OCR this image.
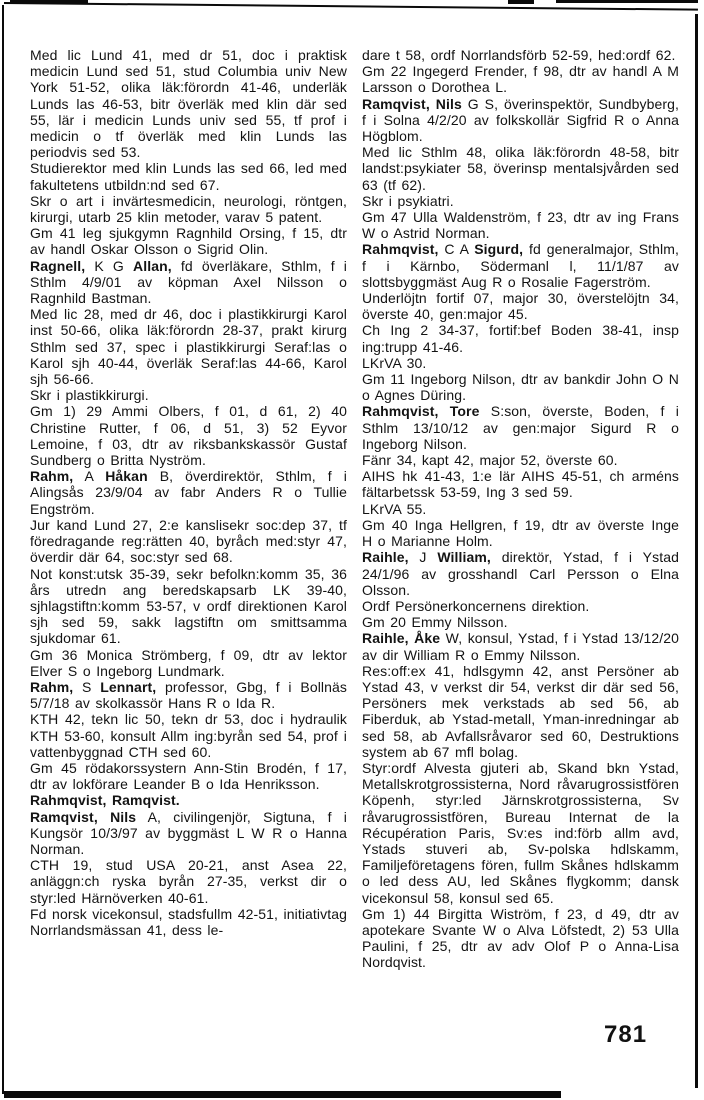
Med lic Lund 41, med dr 51, doc i praktisk medicin Lund sed 51, stud Columbia univ New York 51-52, olika läk:förordn 41-46, underläk Lunds las 46-53, bitr överläk med klin där sed 55, lär i medicin Lunds univ sed 55, tf prof i medicin o tf överläk med klin Lunds las periodvis sed 53.

Studierektor med klin Lunds las sed 66, led med fakultetens utbildn:nd sed 67.

Skr o art i invärtesmedicin, neurologi, röntgen, kirurgi, utarb 25 klin metoder, varav 5 patent.

Gm 41 leg sjukgymn Ragnhild Orsing, f 15, dtr av handl Oskar Olsson o Sigrid Olin.

Ragnell, K G Allan, fd överläkare, Sthlm, f i Sthlm 4/9/01 av köpman Axel Nilsson o Ragnhild Bastman.

Med lic 28, med dr 46, doc i plastikkirurgi Karol inst 50-66, olika läk:förordn 28-37, prakt kirurg Sthlm sed 37, spec i plastikkirurgi Seraf:las o Karol sjh 40-44, överläk Seraf:las 44-66, Karol sjh 56-66.

Skr i plastikkirurgi.

Gm 1) 29 Ammi Olbers, f 01, d 61, 2) 40 Christine Rutter, f 06, d 51, 3) 52 Eyvor Lemoine, f 03, dtr av riksbankskassör Gustaf Sundberg o Britta Nyström.

Rahm, A Håkan B, överdirektör, Sthlm, f i Alingsås 23/9/04 av fabr Anders R o Tullie Engström.

Jur kand Lund 27, 2:e kanslisekr soc:dep 37, tf föredragande reg:rätten 40, byråch med:styr 47, överdir där 64, soc:styr sed 68.

Not konst:utsk 35-39, sekr befolkn:komm 35, 36 års utredn ang beredskapsarb LK 39-40, sjhlagstiftn:komm 53-57, v ordf direktionen Karol sjh sed 59, sakk lagstiftn om smittsamma sjukdomar 61.

Gm 36 Monica Strömberg, f 09, dtr av lektor Elver S o Ingeborg Lundmark.

Rahm, S Lennart, professor, Gbg, f i Bollnäs 5/7/18 av skolkassör Hans R o Ida R.

KTH 42, tekn lic 50, tekn dr 53, doc i hydraulik KTH 53-60, konsult Allm ing:byrån sed 54, prof i vattenbyggnad CTH sed 60.

Gm 45 rödakorssystern Ann-Stin Brodén, f 17, dtr av lokförare Leander B o Ida Henriksson.

Rahmqvist, Ramqvist.

Ramqvist, Nils A, civilingenjör, Sigtuna, f i Kungsör 10/3/97 av byggmäst L W R o Hanna Norman.

CTH 19, stud USA 20-21, anst Asea 22, anläggn:ch ryska byrån 27-35, verkst dir o styr:led Härnöverken 40-61.

Fd norsk vicekonsul, stadsfullm 42-51, initiativtag Norrlandsmässan 41, dess le-

dare t 58, ordf Norrlandsförb 52-59, hed:ordf 62.

Gm 22 Ingegerd Frender, f 98, dtr av handl A M Larsson o Dorothea L.

Ramqvist, Nils G S, överinspektör, Sundbyberg, f i Solna 4/2/20 av folkskollär Sigfrid R o Anna Högblom.

Med lic Sthlm 48, olika läk:förordn 48-58, bitr landst:psykiater 58, överinsp mentalsjvården sed 63 (tf 62).

Skr i psykiatri.

Gm 47 Ulla Waldenström, f 23, dtr av ing Frans W o Astrid Norman.

Rahmqvist, C A Sigurd, fd generalmajor, Sthlm, f i Kärnbo, Södermanl l, 11/1/87 av slottsbyggmäst Aug R o Rosalie Fagerström.

Underlöjtn fortif 07, major 30, överstelöjtn 34, överste 40, gen:major 45.

Ch Ing 2 34-37, fortif:bef Boden 38-41, insp ing:trupp 41-46.

LKrVA 30.

Gm 11 Ingeborg Nilson, dtr av bankdir John O N o Agnes Düring.

Rahmqvist, Tore S:son, överste, Boden, f i Sthlm 13/10/12 av gen:major Sigurd R o Ingeborg Nilson.

Fänr 34, kapt 42, major 52, överste 60.

AIHS hk 41-43, 1:e lär AIHS 45-51, ch arméns fältarbetssk 53-59, Ing 3 sed 59.

LKrVA 55.

Gm 40 Inga Hellgren, f 19, dtr av överste Inge H o Marianne Holm.

Raihle, J William, direktör, Ystad, f i Ystad 24/1/96 av grosshandl Carl Persson o Elna Olsson.

Ordf Persönerkoncernens direktion.

Gm 20 Emmy Nilsson.

Raihle, Åke W, konsul, Ystad, f i Ystad 13/12/20 av dir William R o Emmy Nilsson.

Res:off:ex 41, hdlsgymn 42, anst Persöner ab Ystad 43, v verkst dir 54, verkst dir där sed 56, Persöners mek verkstads ab sed 56, ab Fiberduk, ab Ystad-metall, Yman-inredningar ab sed 58, ab Avfallsråvaror sed 60, Destruktions system ab 67 mfl bolag.

Styr:ordf Alvesta gjuteri ab, Skand bkn Ystad, Metallskrotgrossisterna, Nord råvarugrossistfören Köpenh, styr:led Järnskrotgrossisterna, Sv råvarugrossistfören, Bureau Internat de la Récupération Paris, Sv:es ind:förb allm avd, Ystads stuveri ab, Sv-polska hdlskamm, Familjeföretagens fören, fullm Skånes hdlskamm o led dess AU, led Skånes flygkomm; dansk vicekonsul 58, konsul sed 65.

Gm 1) 44 Birgitta Wiström, f 23, d 49, dtr av apotekare Svante W o Alva Löfstedt, 2) 53 Ulla Paulini, f 25, dtr av adv Olof P o Anna-Lisa Nordqvist.

781
